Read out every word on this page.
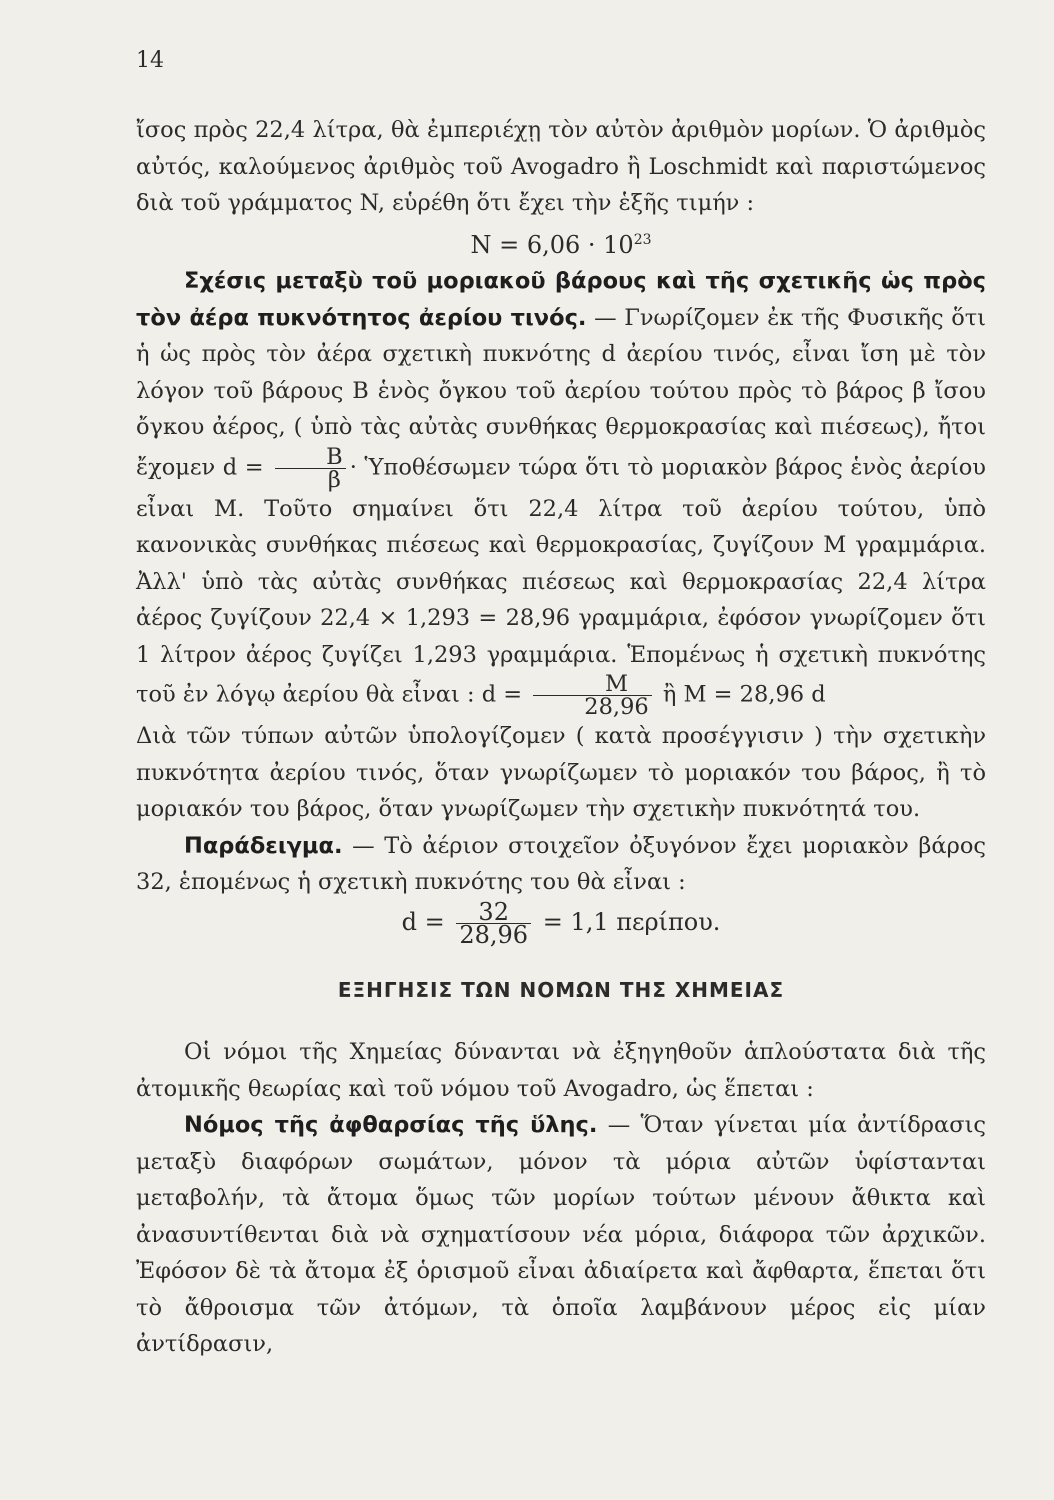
14

ἴσος πρὸς 22,4 λίτρα, θὰ ἐμπεριέχῃ τὸν αὐτὸν ἀριθμὸν μορίων. Ὁ ἀριθμὸς αὐτός, καλούμενος ἀριθμὸς τοῦ Avogadro ἢ Loschmidt καὶ παριστώμενος διὰ τοῦ γράμματος N, εὑρέθη ὅτι ἔχει τὴν ἑξῆς τιμήν :

$N = 6,06 \cdot 10^{23}$

Σχέσις μεταξὺ τοῦ μοριακοῦ βάρους καὶ τῆς σχετικῆς ὡς πρὸς τὸν ἀέρα πυκνότητος ἀερίου τινός. — Γνωρίζομεν ἐκ τῆς Φυσικῆς ὅτι ἡ ὡς πρὸς τὸν ἀέρα σχετικὴ πυκνότης d ἀερίου τινός, εἶναι ἴση μὲ τὸν λόγον τοῦ βάρους B ἑνὸς ὄγκου τοῦ ἀερίου τούτου πρὸς τὸ βάρος β ἴσου ὄγκου ἀέρος, ( ὑπὸ τὰς αὐτὰς συνθήκας θερμοκρασίας καὶ πιέσεως), ἤτοι ἔχομεν $d = \frac{B}{\beta}$ · Ὑποθέσωμεν τώρα ὅτι τὸ μοριακὸν βάρος ἑνὸς ἀερίου εἶναι M. Τοῦτο σημαίνει ὅτι 22,4 λίτρα τοῦ ἀερίου τούτου, ὑπὸ κανονικὰς συνθήκας πιέσεως καὶ θερμοκρασίας, ζυγίζουν M γραμμάρια. Ἀλλ' ὑπὸ τὰς αὐτὰς συνθήκας πιέσεως καὶ θερμοκρασίας 22,4 λίτρα ἀέρος ζυγίζουν 22,4 × 1,293 = 28,96 γραμμάρια, ἐφόσον γνωρίζομεν ὅτι 1 λίτρον ἀέρος ζυγίζει 1,293 γραμμάρια. Ἑπομένως ἡ σχετικὴ πυκνότης τοῦ ἐν λόγῳ ἀερίου θὰ εἶναι : $d = \frac{M}{28,96}$ ἢ M = 28,96 d

Διὰ τῶν τύπων αὐτῶν ὑπολογίζομεν ( κατὰ προσέγγισιν ) τὴν σχετικὴν πυκνότητα ἀερίου τινός, ὅταν γνωρίζωμεν τὸ μοριακόν του βάρος, ἢ τὸ μοριακόν του βάρος, ὅταν γνωρίζωμεν τὴν σχετικὴν πυκνότητά του.

Παράδειγμα. — Τὸ ἀέριον στοιχεῖον ὀξυγόνον ἔχει μοριακὸν βάρος 32, ἑπομένως ἡ σχετικὴ πυκνότης του θὰ εἶναι :

$d = \frac{32}{28,96} = 1,1$ περίπου.

ΕΞΗΓΗΣΙΣ ΤΩΝ ΝΟΜΩΝ ΤΗΣ ΧΗΜΕΙΑΣ

Οἱ νόμοι τῆς Χημείας δύνανται νὰ ἐξηγηθοῦν ἁπλούστατα διὰ τῆς ἀτομικῆς θεωρίας καὶ τοῦ νόμου τοῦ Avogadro, ὡς ἕπεται :

Νόμος τῆς ἀφθαρσίας τῆς ὕλης. — Ὅταν γίνεται μία ἀντίδρασις μεταξὺ διαφόρων σωμάτων, μόνον τὰ μόρια αὐτῶν ὑφίστανται μεταβολήν, τὰ ἄτομα ὅμως τῶν μορίων τούτων μένουν ἄθικτα καὶ ἀνασυντίθενται διὰ νὰ σχηματίσουν νέα μόρια, διάφορα τῶν ἀρχικῶν. Ἐφόσον δὲ τὰ ἄτομα ἐξ ὁρισμοῦ εἶναι ἀδιαίρετα καὶ ἄφθαρτα, ἕπεται ὅτι τὸ ἄθροισμα τῶν ἀτόμων, τὰ ὁποῖα λαμβάνουν μέρος εἰς μίαν ἀντίδρασιν,
